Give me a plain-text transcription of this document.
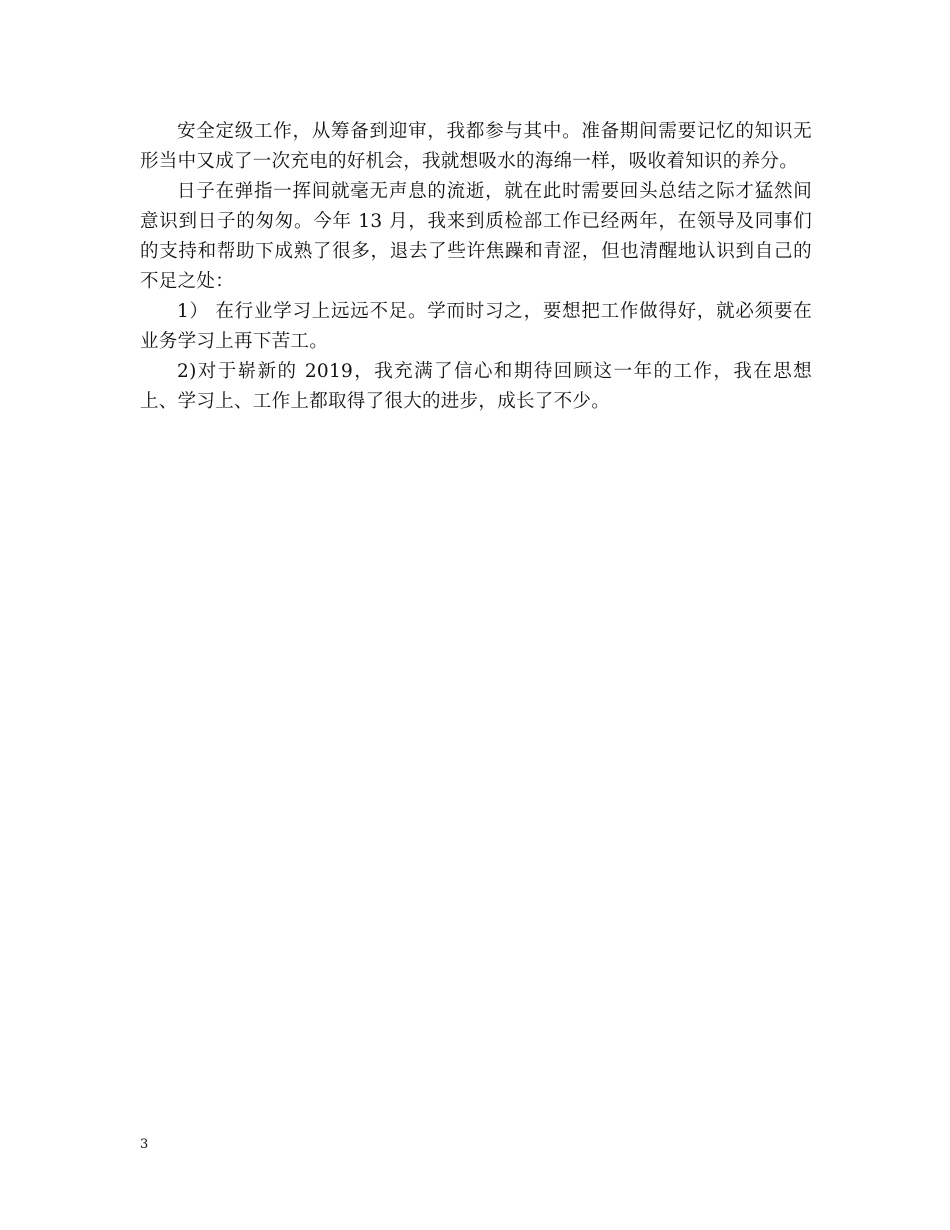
安全定级工作，从筹备到迎审，我都参与其中。准备期间需要记忆的知识无形当中又成了一次充电的好机会，我就想吸水的海绵一样，吸收着知识的养分。

日子在弹指一挥间就毫无声息的流逝，就在此时需要回头总结之际才猛然间意识到日子的匆匆。今年 13 月，我来到质检部工作已经两年，在领导及同事们的支持和帮助下成熟了很多，退去了些许焦躁和青涩，但也清醒地认识到自己的不足之处：

1） 在行业学习上远远不足。学而时习之，要想把工作做得好，就必须要在业务学习上再下苦工。

2)对于崭新的 2019，我充满了信心和期待回顾这一年的工作，我在思想上、学习上、工作上都取得了很大的进步，成长了不少。

3
